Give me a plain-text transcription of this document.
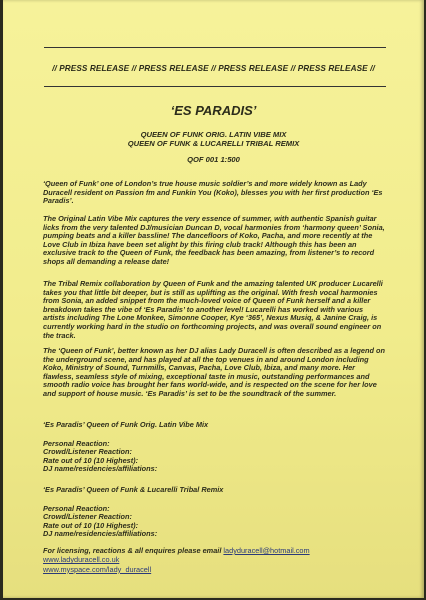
// PRESS RELEASE // PRESS RELEASE // PRESS RELEASE // PRESS RELEASE //
‘ES PARADIS’
QUEEN OF FUNK ORIG. LATIN VIBE MIX
QUEEN OF FUNK & LUCARELLI TRIBAL REMIX
QOF 001 1:500

‘Queen of Funk’ one of London’s true house music soldier’s and more widely known as Lady Duracell resident on Passion fm and Funkin You (Koko), blesses you with her first production ‘Es Paradis’.

The Original Latin Vibe Mix captures the very essence of summer, with authentic Spanish guitar licks from the very talented DJ/musician Duncan D, vocal harmonies from ‘harmony queen’ Sonia, pumping beats and a killer bassline! The dancefloors of Koko, Pacha, and more recently at the Love Club in Ibiza have been set alight by this firing club track! Although this has been an exclusive track to the Queen of Funk, the feedback has been amazing, from listener’s to record shops all demanding a release date!

The Tribal Remix collaboration by Queen of Funk and the amazing talented UK producer Lucarelli takes you that little bit deeper, but is still as uplifting as the original. With fresh vocal harmonies from Sonia, an added snippet from the much-loved voice of Queen of Funk herself and a killer breakdown takes the vibe of ‘Es Paradis’ to another level! Lucarelli has worked with various artists including The Lone Monkee, Simonne Cooper, Kye ‘365’, Nexus Musiq, & Janine Craig, is currently working hard in the studio on forthcoming projects, and was overall sound engineer on the track.

The ‘Queen of Funk’, better known as her DJ alias Lady Duracell is often described as a legend on the underground scene, and has played at all the top venues in and around London including Koko, Ministry of Sound, Turnmills, Canvas, Pacha, Love Club, Ibiza, and many more. Her flawless, seamless style of mixing, exceptional taste in music, outstanding performances and smooth radio voice has brought her fans world-wide, and is respected on the scene for her love and support of house music. ‘Es Paradis’ is set to be the soundtrack of the summer.

‘Es Paradis’ Queen of Funk Orig. Latin Vibe Mix

Personal Reaction:

Crowd/Listener Reaction:

Rate out of 10 (10 Highest):

DJ name/residencies/affiliations:

‘Es Paradis’ Queen of Funk & Lucarelli Tribal Remix

Personal Reaction:

Crowd/Listener Reaction:

Rate out of 10 (10 Highest):

DJ name/residencies/affiliations:

For licensing, reactions & all enquires please email ladyduracell@hotmail.com

www.ladyduracell.co.uk

www.myspace.com/lady_duracell
